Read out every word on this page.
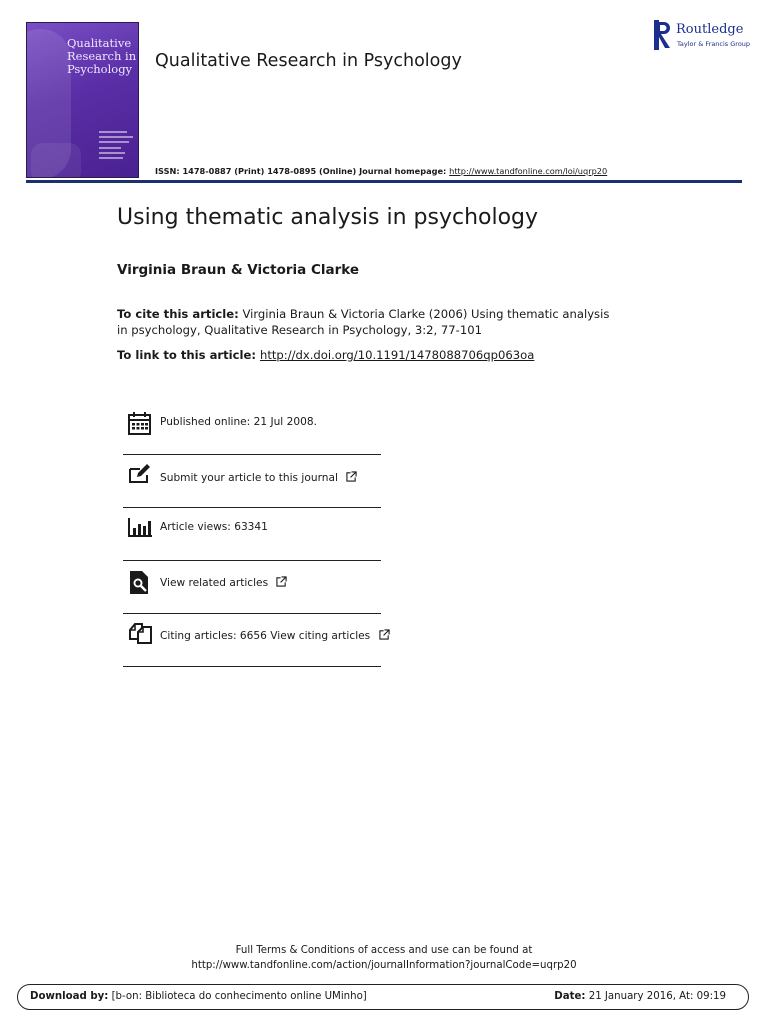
Qualitative
Research in
Psychology	Qualitative Research in Psychology
ISSN: 1478-0887 (Print) 1478-0895 (Online) Journal homepage: http://www.tandfonline.com/loi/uqrp20
Routledge
Taylor & Francis Group
Using thematic analysis in psychology
Virginia Braun & Victoria Clarke
To cite this article: Virginia Braun & Victoria Clarke (2006) Using thematic analysis in psychology, Qualitative Research in Psychology, 3:2, 77-101
To link to this article: http://dx.doi.org/10.1191/1478088706qp063oa
Published online: 21 Jul 2008.
Submit your article to this journal
Article views: 63341
View related articles
Citing articles: 6656 View citing articles
Full Terms & Conditions of access and use can be found at
http://www.tandfonline.com/action/journalInformation?journalCode=uqrp20
Download by: [b-on: Biblioteca do conhecimento online UMinho]	Date: 21 January 2016, At: 09:19
